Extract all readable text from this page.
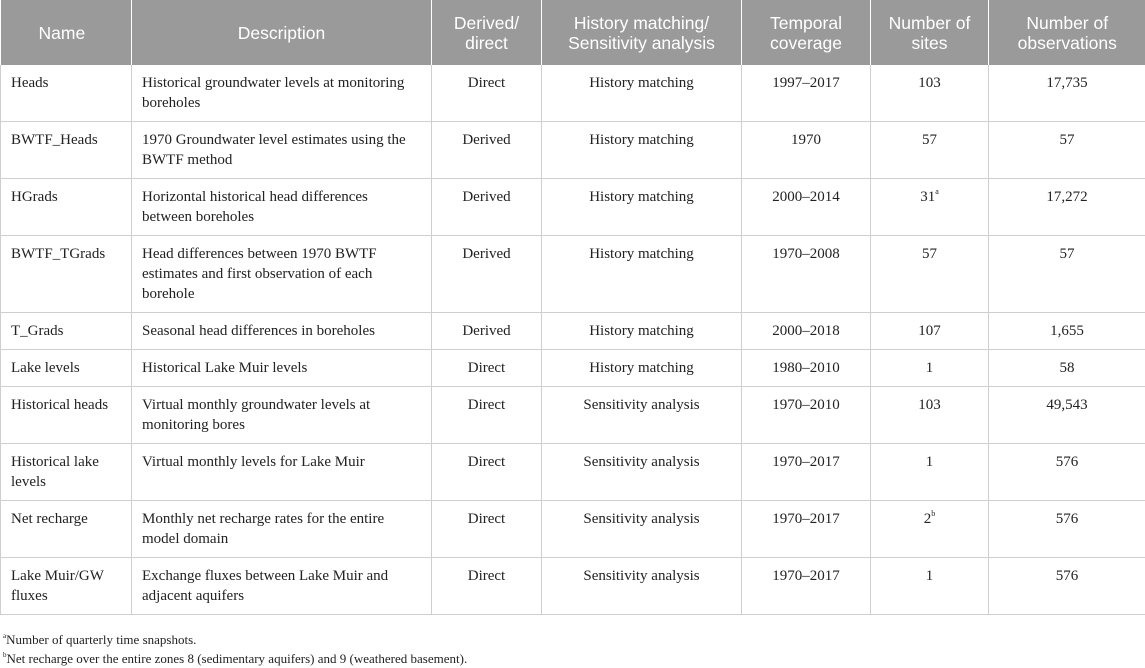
Name	Description	Derived/ direct	History matching/ Sensitivity analysis	Temporal coverage	Number of sites	Number of observations
Heads	Historical groundwater levels at monitoring boreholes	Direct	History matching	1997–2017	103	17,735
BWTF_Heads	1970 Groundwater level estimates using the BWTF method	Derived	History matching	1970	57	57
HGrads	Horizontal historical head differences between boreholes	Derived	History matching	2000–2014	31$^a$	17,272
BWTF_TGrads	Head differences between 1970 BWTF estimates and first observation of each borehole	Derived	History matching	1970–2008	57	57
T_Grads	Seasonal head differences in boreholes	Derived	History matching	2000–2018	107	1,655
Lake levels	Historical Lake Muir levels	Direct	History matching	1980–2010	1	58
Historical heads	Virtual monthly groundwater levels at monitoring bores	Direct	Sensitivity analysis	1970–2010	103	49,543
Historical lake levels	Virtual monthly levels for Lake Muir	Direct	Sensitivity analysis	1970–2017	1	576
Net recharge	Monthly net recharge rates for the entire model domain	Direct	Sensitivity analysis	1970–2017	2$^b$	576
Lake Muir/GW fluxes	Exchange fluxes between Lake Muir and adjacent aquifers	Direct	Sensitivity analysis	1970–2017	1	576
$^a$Number of quarterly time snapshots.
$^b$Net recharge over the entire zones 8 (sedimentary aquifers) and 9 (weathered basement).
